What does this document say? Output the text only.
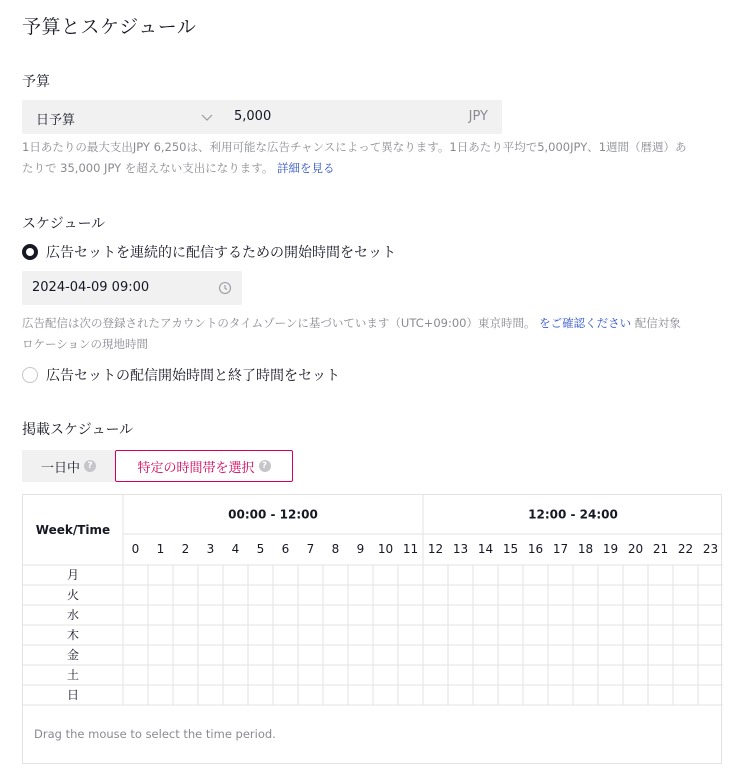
予算とスケジュール
予算
日予算	5,000	JPY
1日あたりの最大支出JPY 6,250は、利用可能な広告チャンスによって異なります。1日あたり平均で5,000JPY、1週間（暦週）あたりで 35,000 JPY を超えない支出になります。 詳細を見る
スケジュール
広告セットを連続的に配信するための開始時間をセット
2024-04-09 09:00
広告配信は次の登録されたアカウントのタイムゾーンに基づいています（UTC+09:00）東京時間。 をご確認ください 配信対象ロケーションの現地時間
広告セットの配信開始時間と終了時間をセット
掲載スケジュール
一日中 ?	特定の時間帯を選択 ?
Week/Time
00:00 - 12:00	12:00 - 24:00
0 1 2 3 4 5 6 7 8 9 10 11 12 13 14 15 16 17 18 19 20 21 22 23
月
火
水
木
金
土
日
Drag the mouse to select the time period.
